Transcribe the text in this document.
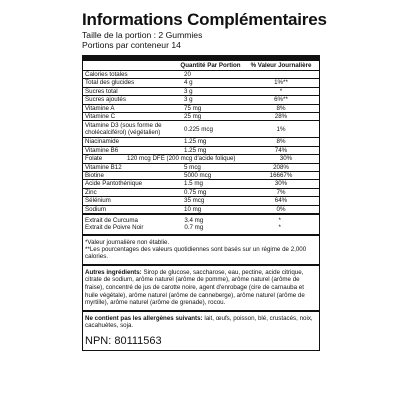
Informations Complémentaires
Taille de la portion : 2 Gummies
Portions par conteneur 14
Quantité Par Portion	% Valeur Journalière
Calories totales	20
Total des glucides	4 g	1%**
Sucres total	3 g	*
Sucres ajoutés	3 g	6%**
Vitamine A	75 mg	8%
Vitamine C	25 mg	28%
Vitamine D3 (sous forme de cholécalciférol) (végétalien)
0.225 mcg	1%
Niacinamide	1.25 mg	8%
Vitamine B6	1.25 mg	74%
Folate	120 mcg DFE (200 mcg d'acide folique)	30%
Vitamine B12	5 mcg	208%
Biotine	5000 mcg	16667%
Acide Pantothénique	1.5 mg	30%
Zinc	0.75 mg	7%
Sélénium	35 mcg	64%
Sodium	10 mg	0%
Extrait de Curcuma	3.4 mg	*
Extrait de Poivre Noir	0.7 mg	*
*Valeur journalière non établie.
**Les pourcentages des valeurs quotidiennes sont basés sur un régime de 2,000 calories.
Autres ingrédients: Sirop de glucose, saccharose, eau, pectine, acide citrique, citrate de sodium, arôme naturel (arôme de pomme), arôme naturel (arôme de fraise), concentré de jus de carotte noire, agent d'enrobage (cire de carnauba et huile végétale), arôme naturel (arôme de canneberge), arôme naturel (arôme de myrtille), arôme naturel (arôme de grenade), rocou.
Ne contient pas les allergènes suivants: lait, œufs, poisson, blé, crustacés, noix, cacahuètes, soja.
NPN: 80111563
